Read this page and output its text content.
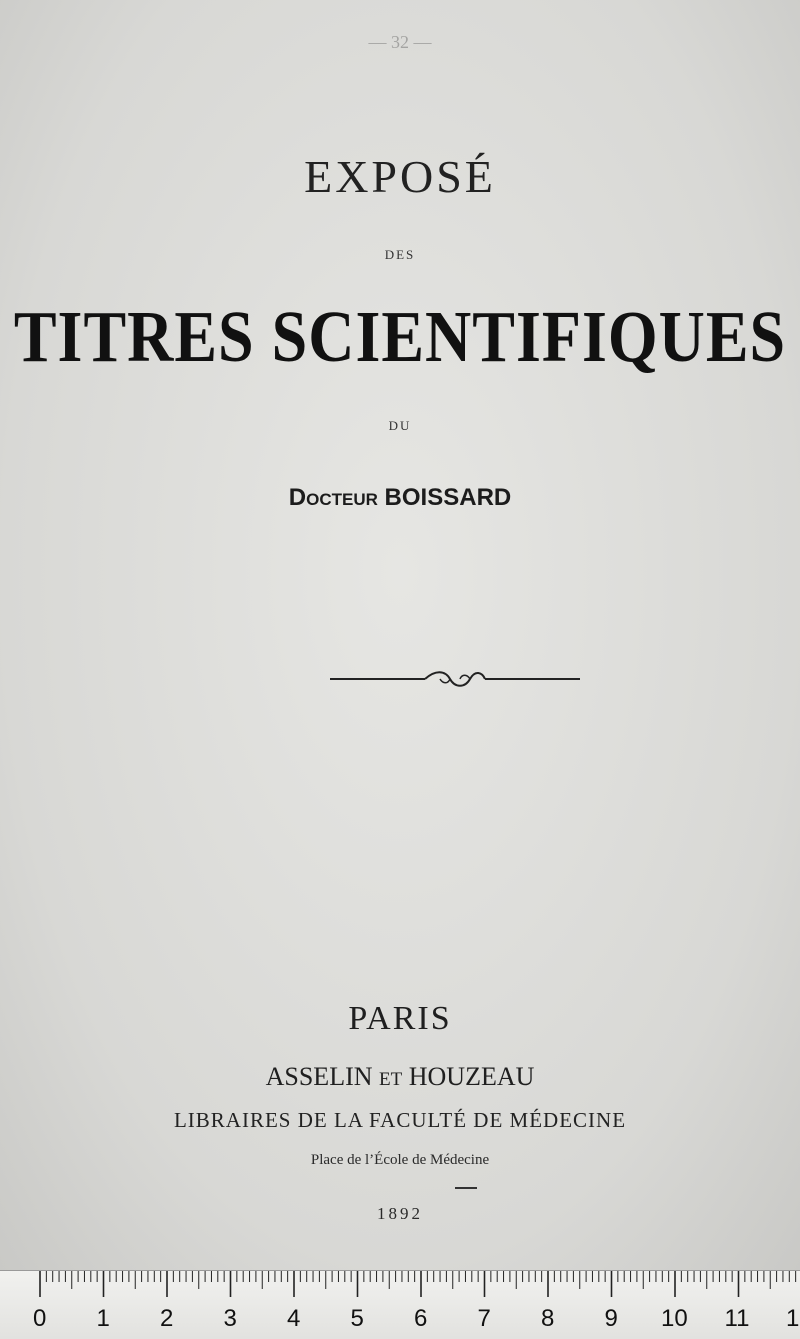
— 32 —
EXPOSÉ
DES
TITRES SCIENTIFIQUES
DU
Docteur BOISSARD
PARIS
ASSELIN ET HOUZEAU
LIBRAIRES DE LA FACULTÉ DE MÉDECINE
Place de l’École de Médecine
1892
0 1 2 3 4 5 6 7 8 9 10 11 1
